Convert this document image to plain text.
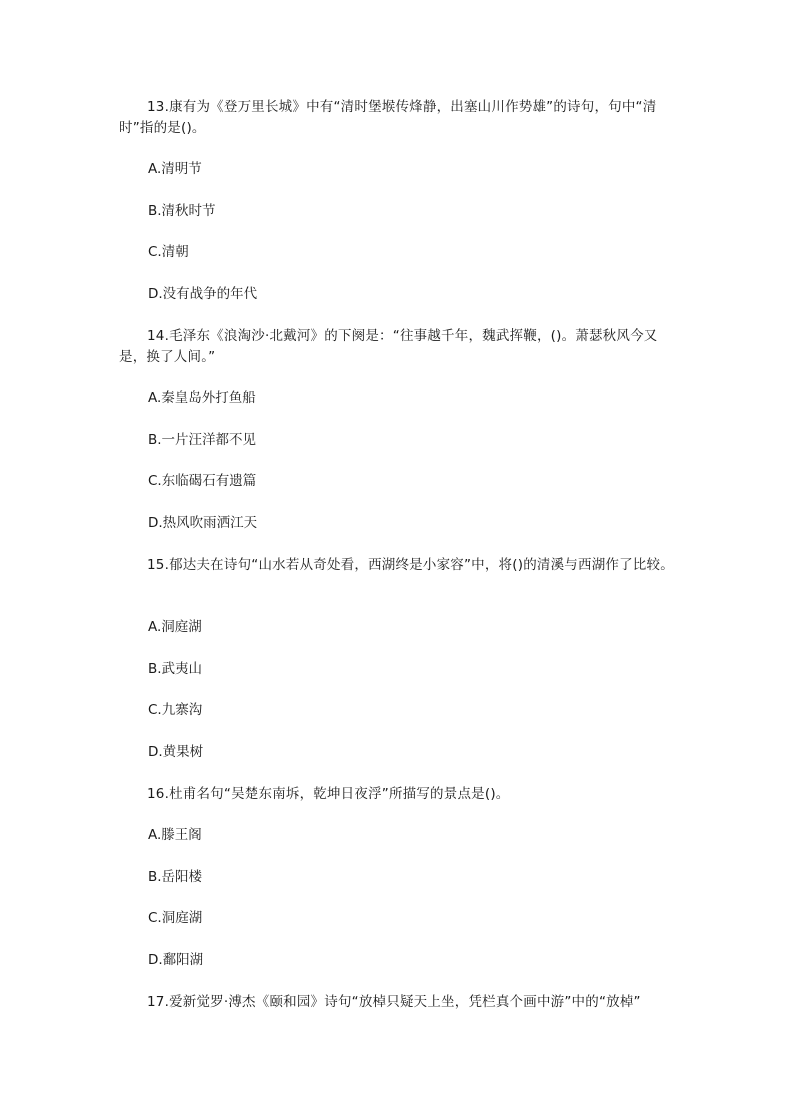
13.康有为《登万里长城》中有“清时堡堠传烽静，出塞山川作势雄”的诗句，句中“清时”指的是()。

A.清明节

B.清秋时节

C.清朝

D.没有战争的年代

14.毛泽东《浪淘沙·北戴河》的下阕是：“往事越千年，魏武挥鞭，()。萧瑟秋风今又是，换了人间。”

A.秦皇岛外打鱼船

B.一片汪洋都不见

C.东临碣石有遗篇

D.热风吹雨洒江天

15.郁达夫在诗句“山水若从奇处看，西湖终是小家容”中，将()的清溪与西湖作了比较。

A.洞庭湖

B.武夷山

C.九寨沟

D.黄果树

16.杜甫名句“吴楚东南坼，乾坤日夜浮”所描写的景点是()。

A.滕王阁

B.岳阳楼

C.洞庭湖

D.鄱阳湖

17.爱新觉罗·溥杰《颐和园》诗句“放棹只疑天上坐，凭栏真个画中游”中的“放棹”
